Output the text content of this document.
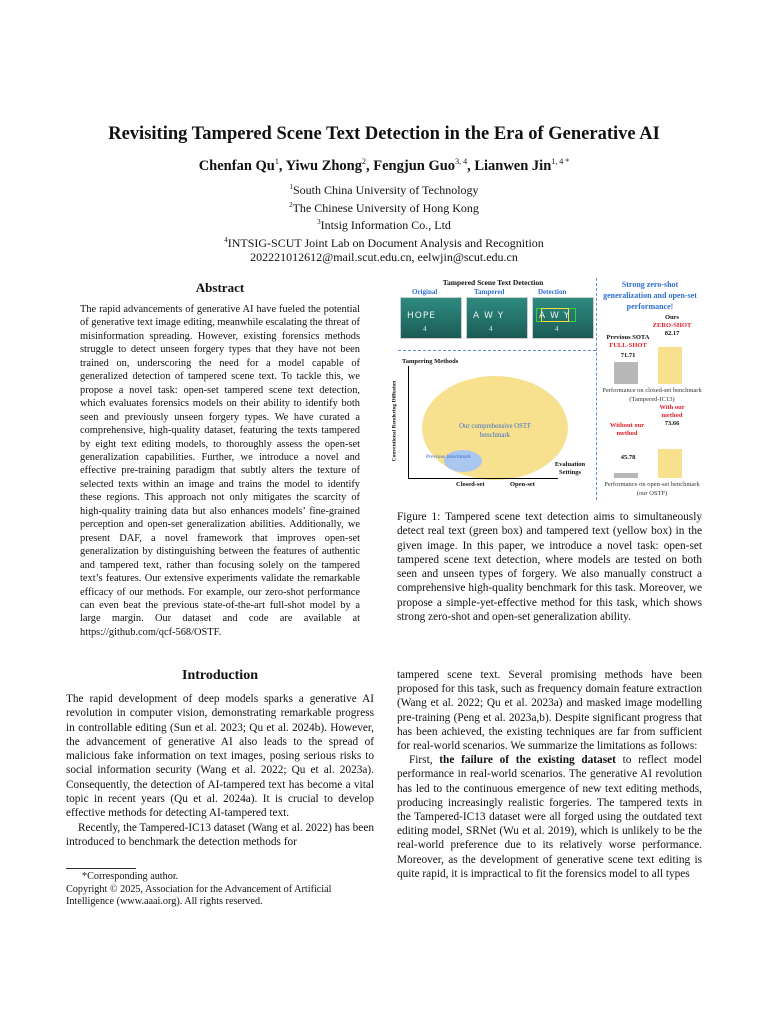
Revisiting Tampered Scene Text Detection in the Era of Generative AI
Chenfan Qu$^1$, Yiwu Zhong$^2$, Fengjun Guo$^{3, 4}$, Lianwen Jin$^{1, 4 *}$
$^1$South China University of Technology
$^2$The Chinese University of Hong Kong
$^3$Intsig Information Co., Ltd
$^4$INTSIG-SCUT Joint Lab on Document Analysis and Recognition
202221012612@mail.scut.edu.cn, eelwjin@scut.edu.cn
Abstract
The rapid advancements of generative AI have fueled the potential of generative text image editing, meanwhile escalating the threat of misinformation spreading. However, existing forensics methods struggle to detect unseen forgery types that they have not been trained on, underscoring the need for a model capable of generalized detection of tampered scene text. To tackle this, we propose a novel task: open-set tampered scene text detection, which evaluates forensics models on their ability to identify both seen and previously unseen forgery types. We have curated a comprehensive, high-quality dataset, featuring the texts tampered by eight text editing models, to thoroughly assess the open-set generalization capabilities. Further, we introduce a novel and effective pre-training paradigm that subtly alters the texture of selected texts within an image and trains the model to identify these regions. This approach not only mitigates the scarcity of high-quality training data but also enhances models’ fine-grained perception and open-set generalization abilities. Additionally, we present DAF, a novel framework that improves open-set generalization by distinguishing between the features of authentic and tampered text, rather than focusing solely on the tampered text’s features. Our extensive experiments validate the remarkable efficacy of our methods. For example, our zero-shot performance can even beat the previous state-of-the-art full-shot model by a large margin. Our dataset and code are available at https://github.com/qcf-568/OSTF.
Introduction

The rapid development of deep models sparks a generative AI revolution in computer vision, demonstrating remarkable progress in controllable editing (Sun et al. 2023; Qu et al. 2024b). However, the advancement of generative AI also leads to the spread of malicious fake information on text images, posing serious risks to social information security (Wang et al. 2022; Qu et al. 2023a). Consequently, the detection of AI-tampered text has become a vital topic in recent years (Qu et al. 2024a). It is crucial to develop effective methods for detecting AI-tampered text.

Recently, the Tampered-IC13 dataset (Wang et al. 2022) has been introduced to benchmark the detection methods for

*Corresponding author.
Copyright © 2025, Association for the Advancement of Artificial Intelligence (www.aaai.org). All rights reserved.
Tampered Scene Text Detection
Original	Tampered	Detection
HOPE
4
A W Y
4
A W Y
4
Tampering Methods
Our comprehensive OSTF benchmark
Previous benchmark
Conventional Rendering Diffusion
Closed-set	Open-set
Evaluation Settings
Strong zero-shot generalization and open-set performance!
Previous SOTA
FULL-SHOT
Ours
ZERO-SHOT
82.17
71.71
Performance on closed-set benchmark (Tampered-IC13)
Without our method
With our method
73.66
45.78
Performance on open-set benchmark (our OSTF)
Figure 1: Tampered scene text detection aims to simultaneously detect real text (green box) and tampered text (yellow box) in the given image. In this paper, we introduce a novel task: open-set tampered scene text detection, where models are tested on both seen and unseen types of forgery. We also manually construct a comprehensive high-quality benchmark for this task. Moreover, we propose a simple-yet-effective method for this task, which shows strong zero-shot and open-set generalization ability.

tampered scene text. Several promising methods have been proposed for this task, such as frequency domain feature extraction (Wang et al. 2022; Qu et al. 2023a) and masked image modelling pre-training (Peng et al. 2023a,b). Despite significant progress that has been achieved, the existing techniques are far from sufficient for real-world scenarios. We summarize the limitations as follows:

First, the failure of the existing dataset to reflect model performance in real-world scenarios. The generative AI revolution has led to the continuous emergence of new text editing methods, producing increasingly realistic forgeries. The tampered texts in the Tampered-IC13 dataset were all forged using the outdated text editing model, SRNet (Wu et al. 2019), which is unlikely to be the real-world preference due to its relatively worse performance. Moreover, as the development of generative scene text editing is quite rapid, it is impractical to fit the forensics model to all types
